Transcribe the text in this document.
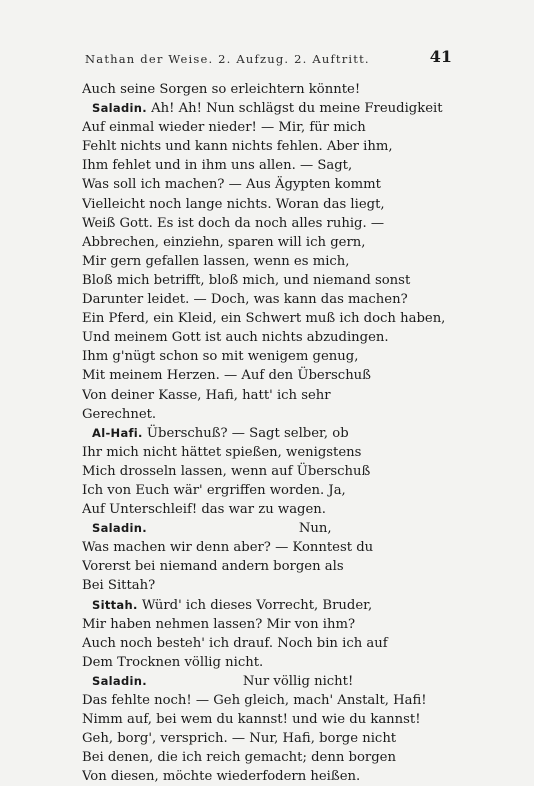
Nathan der Weise. 2. Aufzug. 2. Auftritt.	41
Auch seine Sorgen so erleichtern könnte!
Saladin. Ah! Ah! Nun schlägst du meine Freudigkeit
Auf einmal wieder nieder! — Mir, für mich
Fehlt nichts und kann nichts fehlen. Aber ihm,
Ihm fehlet und in ihm uns allen. — Sagt,
Was soll ich machen? — Aus Ägypten kommt
Vielleicht noch lange nichts. Woran das liegt,
Weiß Gott. Es ist doch da noch alles ruhig. —
Abbrechen, einziehn, sparen will ich gern,
Mir gern gefallen lassen, wenn es mich,
Bloß mich betrifft, bloß mich, und niemand sonst
Darunter leidet. — Doch, was kann das machen?
Ein Pferd, ein Kleid, ein Schwert muß ich doch haben,
Und meinem Gott ist auch nichts abzudingen.
Ihm g'nügt schon so mit wenigem genug,
Mit meinem Herzen. — Auf den Überschuß
Von deiner Kasse, Hafi, hatt' ich sehr
Gerechnet.
Al-Hafi. Überschuß? — Sagt selber, ob
Ihr mich nicht hättet spießen, wenigstens
Mich drosseln lassen, wenn auf Überschuß
Ich von Euch wär' ergriffen worden. Ja,
Auf Unterschleif! das war zu wagen.
Saladin.	Nun,
Was machen wir denn aber? — Konntest du
Vorerst bei niemand andern borgen als
Bei Sittah?
Sittah. Würd' ich dieses Vorrecht, Bruder,
Mir haben nehmen lassen? Mir von ihm?
Auch noch besteh' ich drauf. Noch bin ich auf
Dem Trocknen völlig nicht.
Saladin.	Nur völlig nicht!
Das fehlte noch! — Geh gleich, mach' Anstalt, Hafi!
Nimm auf, bei wem du kannst! und wie du kannst!
Geh, borg', versprich. — Nur, Hafi, borge nicht
Bei denen, die ich reich gemacht; denn borgen
Von diesen, möchte wiederfodern heißen.
